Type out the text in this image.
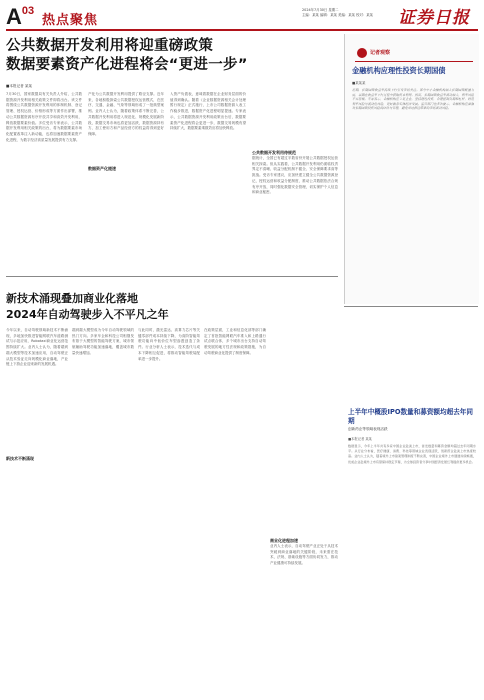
$A^{03}$
热点聚焦
2024年7月30日 星期二
主编：某某 编辑：某某 美编：某某 校对：某某	证券日报
公共数据开发利用将迎重磅政策
数据要素资产化进程将会“更进一步”
■本报记者 某某
7月30日，国家数据局有关负责人介绍，公共数据资源开发利用相关政策文件即将出台。该文件将围绕公共数据资源开发利用的体制机制、登记管理、授权运营、价格形成等方面作出部署，推动公共数据资源有序开放共享和高效开发利用，释放数据要素价值。多位受访专家表示，公共数据开发利用相关政策的出台，将为数据要素市场化配置改革注入新动能，也将加速数据要素资产化进程，为数字经济高质量发展提供有力支撑。
产化为公共数据开发利用提供了路径支撑。近年来，各地积极探索公共数据授权运营模式，在医疗、交通、金融、气象等领域形成了一批典型案例。业内人士认为，随着政策体系不断完善，公共数据开发利用将进入规范化、规模化发展新阶段，数据交易市场也将更加活跃，数据资源持有方、加工使用方和产品经营方的权益将得到更好保障。
数据资产化提速
入资产负债表，意味着数据在企业财务层面的价值得到确认。随着《企业数据资源相关会计处理暂行规定》正式施行，上市公司数据资源入表工作稳步推进，数据资产化进程明显提速。专家表示，公共数据资源开发利用政策出台后，数据要素资产化进程将会更进一步，数据交易规模有望持续扩大，数据要素乘数效应将加快释放。
公共数据开发利用待规范
据统计，全国已有超过半数省份开展公共数据授权运营相关探索。但从实践看，公共数据开发利用仍面临权责界定不清晰、收益分配机制不健全、安全保障要求高等挑战。受访专家建议，应加快建立健全公共数据资源登记、授权运营和收益分配制度，推动公共数据依法合规有序开放，同时强化数据安全管理，切实保护个人信息和商业秘密。
新技术涌现叠加商业化落地
2024年自动驾驶步入不平凡之年
今年以来，自动驾驶领域新技术不断涌现，多地加快推进智能网联汽车道路测试与示范应用，Robotaxi商业化运营范围持续扩大。业内人士认为，随着端到端大模型等技术加速应用，自动驾驶正从技术验证走向规模化商业落地，产业链上下游企业迎来新的发展机遇。
新技术不断涌现
端到端大模型成为今年自动驾驶领域的热门方向。多家车企和科技公司相继发布基于大模型的智能驾驶方案，城市领航辅助驾驶功能加速落地，覆盖城市数量快速增加。
与此同时，激光雷达、高算力芯片等关键零部件成本持续下降，为高阶智能驾驶功能向中低价位车型渗透创造了条件。行业分析人士表示，技术迭代与成本下降相互促进，将推动智能驾驶装配率进一步提升。
在政策层面，工业和信息化部等部门确定了首批智能网联汽车准入和上路通行试点联合体，多个城市出台支持自动驾驶发展的地方性法规和政策措施，为自动驾驶商业化提供了制度保障。
商业化进程加速
业内人士表示，自动驾驶产业正处于从技术突破到商业落地的关键阶段，未来需在技术、法规、基础设施等方面协同发力，推动产业健康可持续发展。
记者观察
金融机构应理性投资长期国债
■某某某
近期，长期国债收益率持续下行引发市场关注。部分中小金融机构加大长期国债配置力度，以期在收益率下行过程中获取资本利得。然而，长期国债收益率波动加大，利率风险不容忽视。专家表示，金融机构应立足主业，坚持理性投资，合理控制久期和杠杆，防范利率风险与流动性风险，更好服务实体经济发展。监管部门也多次提示，金融机构应加强对长期国债投资风险的评估与管理，避免单边押注带来的市场波动风险。
上半年中概股IPO数量和募资额均超去年同期
创新药企等领域表现活跃
■本报记者 某某
数据显示，今年上半年共有多家中国企业赴美上市，首发数量和募资金额均超过去年同期水平。从行业分布看，医疗健康、消费、科技等领域企业表现活跃，创新药企赴美上市热度较高。业内人士认为，随着境外上市备案管理制度不断完善，中国企业境外上市通道持续畅通，优质企业赴境外上市有望保持稳定节奏，为全球投资者分享中国经济发展红利提供更多机会。
